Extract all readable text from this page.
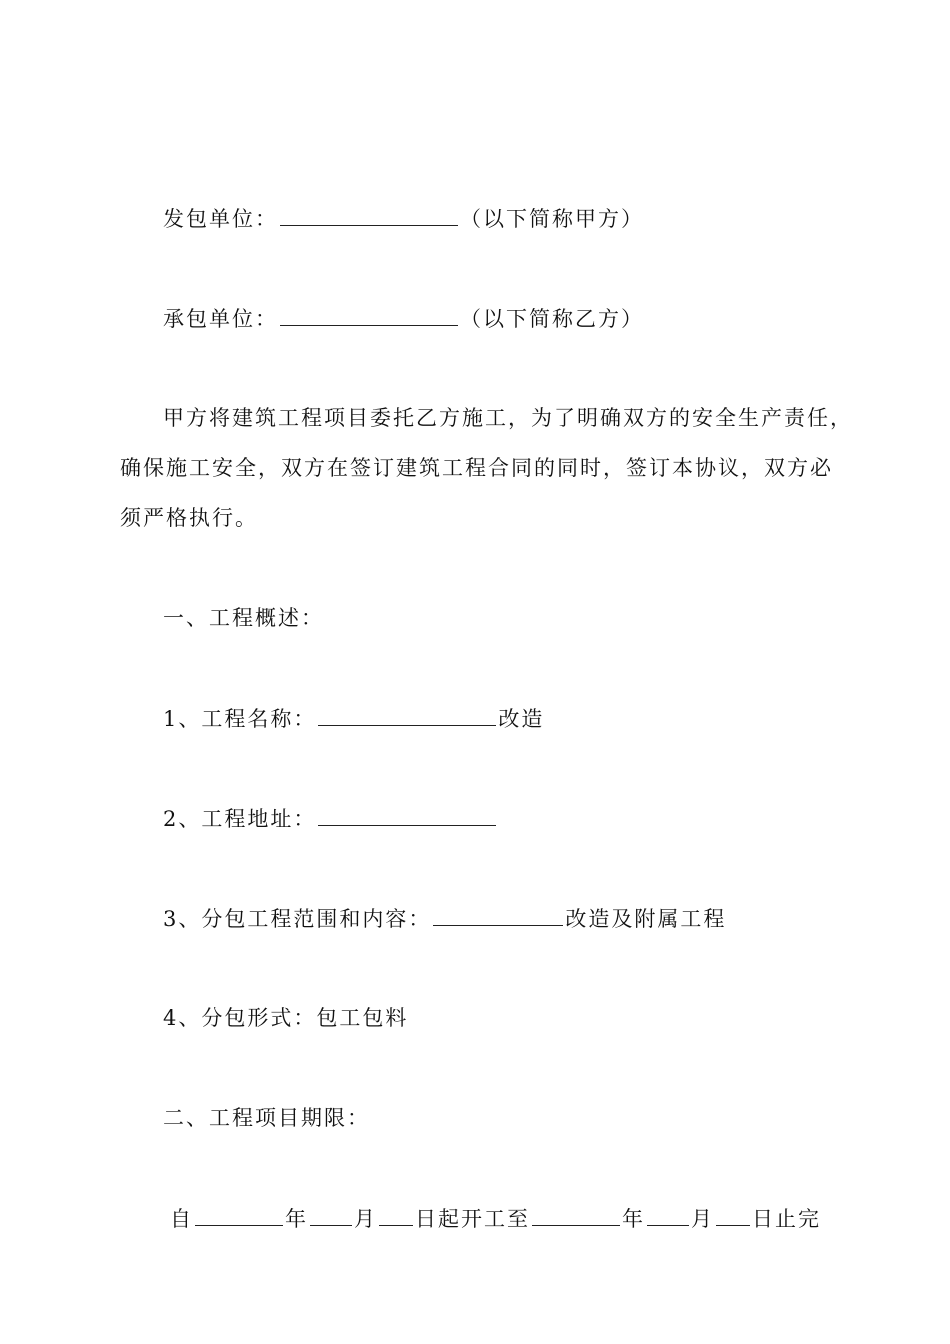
发包单位：	（以下简称甲方）
承包单位：	（以下简称乙方）
甲方将建筑工程项目委托乙方施工，为了明确双方的安全生产责任，
确保施工安全，双方在签订建筑工程合同的同时，签订本协议，双方必
须严格执行。
一、工程概述：
1、工程名称：	改造
2、工程地址：
3、分包工程范围和内容：	改造及附属工程
4、分包形式：包工包料
二、工程项目期限：
自	年 月 日起开工至	年 月 日止完
